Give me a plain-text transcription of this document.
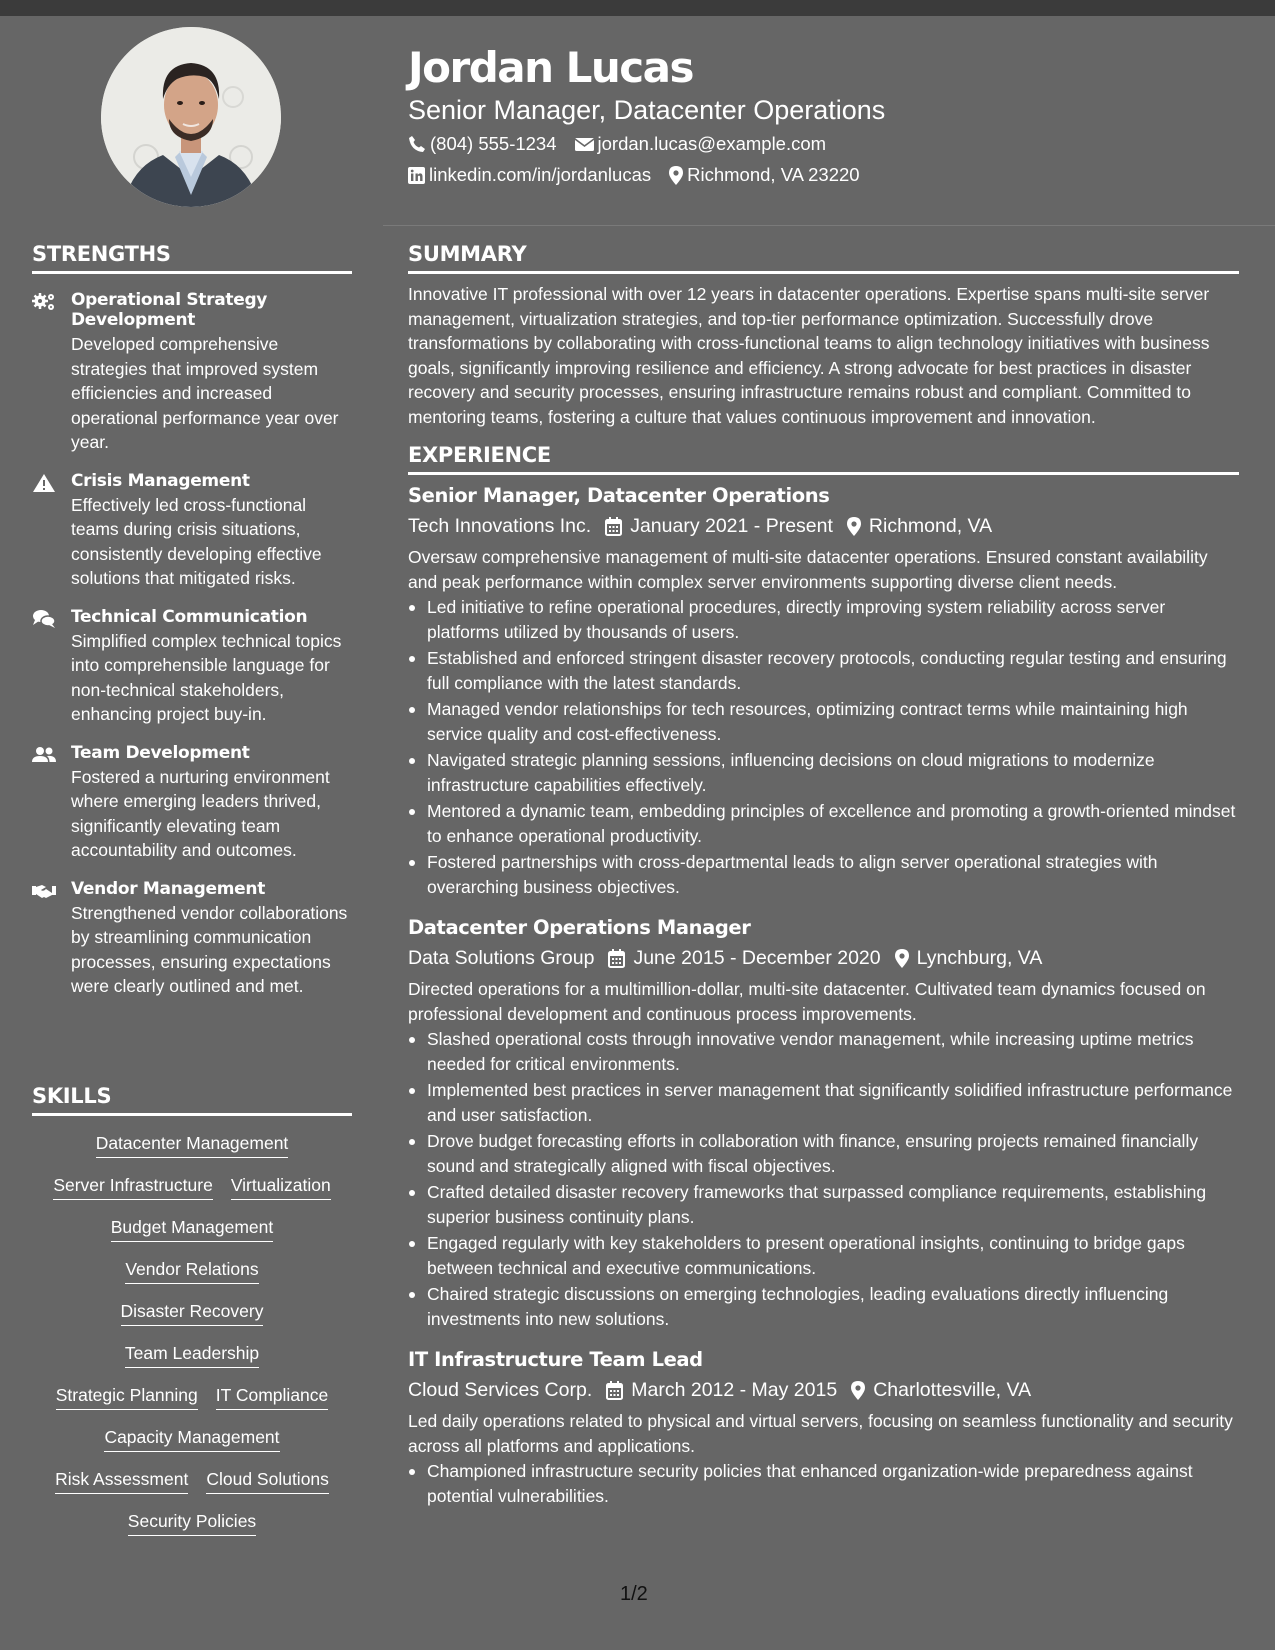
STRENGTHS
Operational Strategy Development
Developed comprehensive strategies that improved system efficiencies and increased operational performance year over year.
Crisis Management
Effectively led cross-functional teams during crisis situations, consistently developing effective solutions that mitigated risks.
Technical Communication
Simplified complex technical topics into comprehensible language for non-technical stakeholders, enhancing project buy-in.
Team Development
Fostered a nurturing environment where emerging leaders thrived, significantly elevating team accountability and outcomes.
Vendor Management
Strengthened vendor collaborations by streamlining communication processes, ensuring expectations were clearly outlined and met.
SKILLS
Datacenter Management
Server Infrastructure Virtualization
Budget Management
Vendor Relations
Disaster Recovery
Team Leadership
Strategic Planning IT Compliance
Capacity Management
Risk Assessment Cloud Solutions
Security Policies
Jordan Lucas
Senior Manager, Datacenter Operations
(804) 555-1234 jordan.lucas@example.com
linkedin.com/in/jordanlucas Richmond, VA 23220
SUMMARY
Innovative IT professional with over 12 years in datacenter operations. Expertise spans multi-site server management, virtualization strategies, and top-tier performance optimization. Successfully drove transformations by collaborating with cross-functional teams to align technology initiatives with business goals, significantly improving resilience and efficiency. A strong advocate for best practices in disaster recovery and security processes, ensuring infrastructure remains robust and compliant. Committed to mentoring teams, fostering a culture that values continuous improvement and innovation.
EXPERIENCE
Senior Manager, Datacenter Operations
Tech Innovations Inc. January 2021 - Present Richmond, VA
Oversaw comprehensive management of multi-site datacenter operations. Ensured constant availability and peak performance within complex server environments supporting diverse client needs.
Led initiative to refine operational procedures, directly improving system reliability across server platforms utilized by thousands of users.
Established and enforced stringent disaster recovery protocols, conducting regular testing and ensuring full compliance with the latest standards.
Managed vendor relationships for tech resources, optimizing contract terms while maintaining high service quality and cost-effectiveness.
Navigated strategic planning sessions, influencing decisions on cloud migrations to modernize infrastructure capabilities effectively.
Mentored a dynamic team, embedding principles of excellence and promoting a growth-oriented mindset to enhance operational productivity.
Fostered partnerships with cross-departmental leads to align server operational strategies with overarching business objectives.
Datacenter Operations Manager
Data Solutions Group June 2015 - December 2020 Lynchburg, VA
Directed operations for a multimillion-dollar, multi-site datacenter. Cultivated team dynamics focused on professional development and continuous process improvements.
Slashed operational costs through innovative vendor management, while increasing uptime metrics needed for critical environments.
Implemented best practices in server management that significantly solidified infrastructure performance and user satisfaction.
Drove budget forecasting efforts in collaboration with finance, ensuring projects remained financially sound and strategically aligned with fiscal objectives.
Crafted detailed disaster recovery frameworks that surpassed compliance requirements, establishing superior business continuity plans.
Engaged regularly with key stakeholders to present operational insights, continuing to bridge gaps between technical and executive communications.
Chaired strategic discussions on emerging technologies, leading evaluations directly influencing investments into new solutions.
IT Infrastructure Team Lead
Cloud Services Corp. March 2012 - May 2015 Charlottesville, VA
Led daily operations related to physical and virtual servers, focusing on seamless functionality and security across all platforms and applications.
Championed infrastructure security policies that enhanced organization-wide preparedness against potential vulnerabilities.
1/2
